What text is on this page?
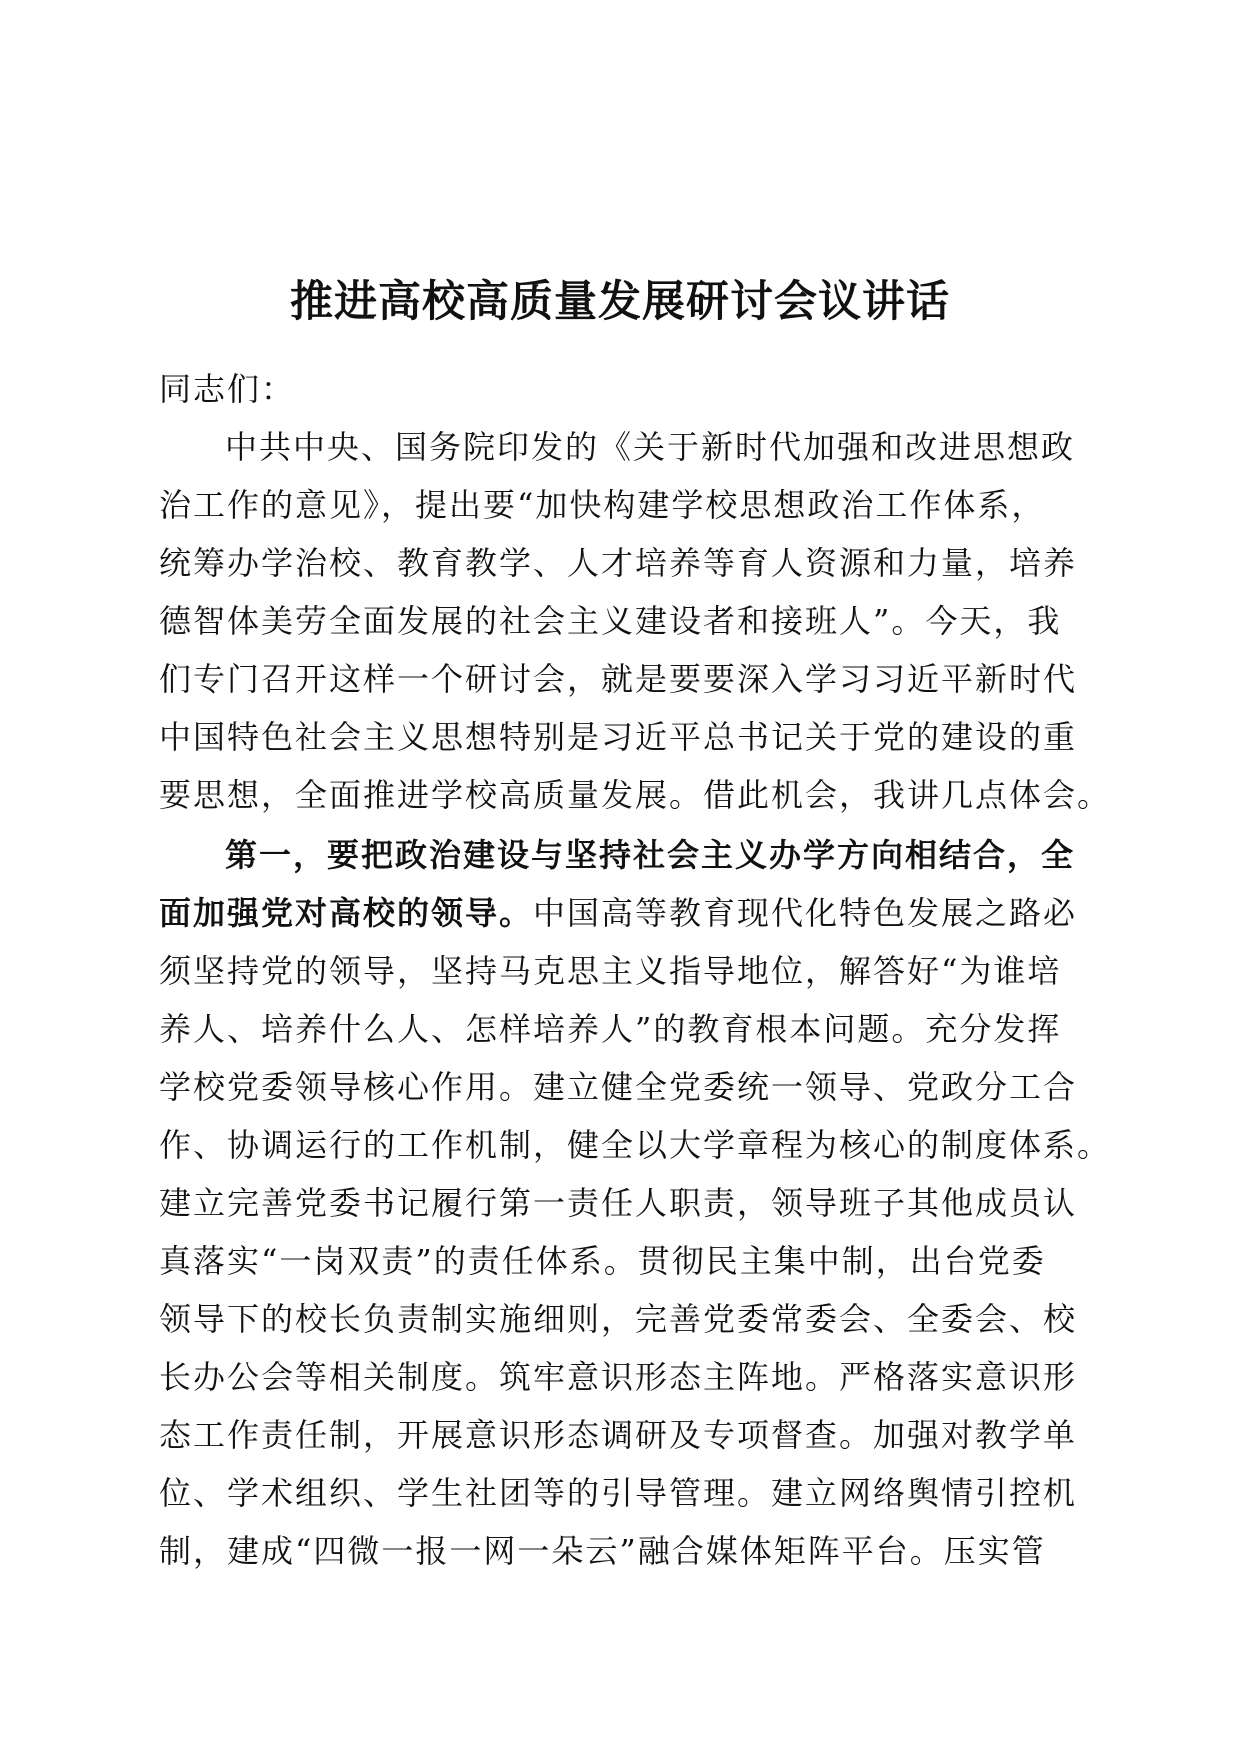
推进高校高质量发展研讨会议讲话
同志们：
中共中央、国务院印发的《关于新时代加强和改进思想政
治工作的意见》，提出要“加快构建学校思想政治工作体系，
统筹办学治校、教育教学、人才培养等育人资源和力量，培养
德智体美劳全面发展的社会主义建设者和接班人”。今天，我
们专门召开这样一个研讨会，就是要要深入学习习近平新时代
中国特色社会主义思想特别是习近平总书记关于党的建设的重
要思想，全面推进学校高质量发展。借此机会，我讲几点体会。
第一，要把政治建设与坚持社会主义办学方向相结合，全
面加强党对高校的领导。中国高等教育现代化特色发展之路必
须坚持党的领导，坚持马克思主义指导地位，解答好“为谁培
养人、培养什么人、怎样培养人”的教育根本问题。充分发挥
学校党委领导核心作用。建立健全党委统一领导、党政分工合
作、协调运行的工作机制，健全以大学章程为核心的制度体系。
建立完善党委书记履行第一责任人职责，领导班子其他成员认
真落实“一岗双责”的责任体系。贯彻民主集中制，出台党委
领导下的校长负责制实施细则，完善党委常委会、全委会、校
长办公会等相关制度。筑牢意识形态主阵地。严格落实意识形
态工作责任制，开展意识形态调研及专项督查。加强对教学单
位、学术组织、学生社团等的引导管理。建立网络舆情引控机
制，建成“四微一报一网一朵云”融合媒体矩阵平台。压实管
